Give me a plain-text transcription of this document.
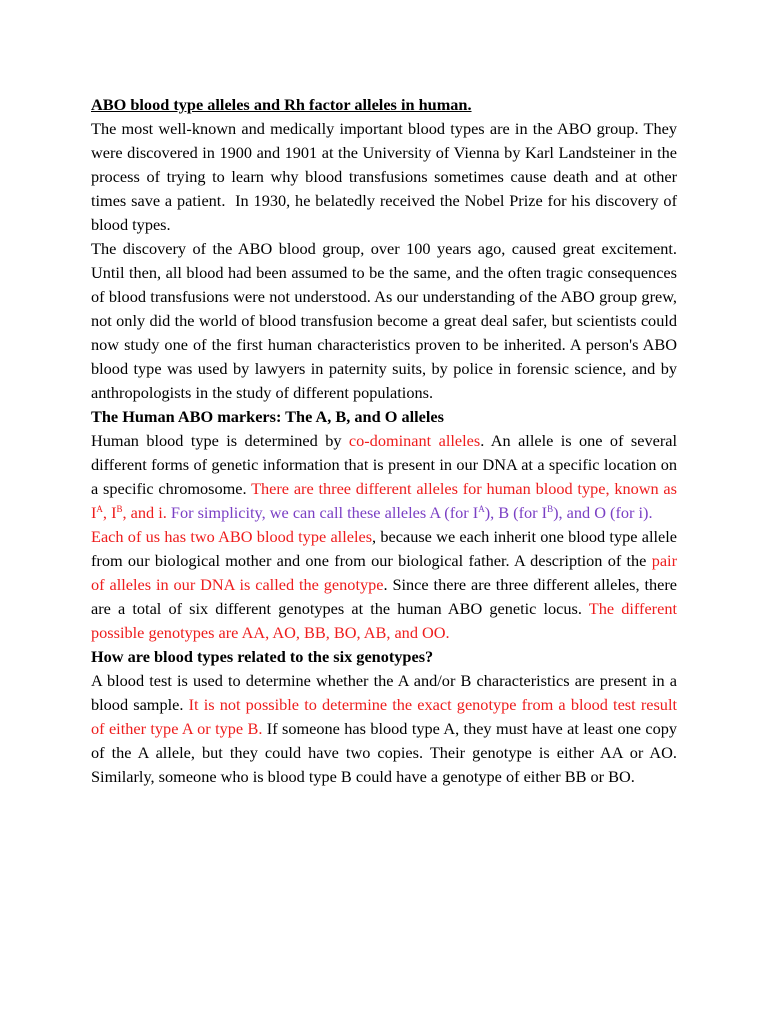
ABO blood type alleles and Rh factor alleles in human.

The most well-known and medically important blood types are in the ABO group. They were discovered in 1900 and 1901 at the University of Vienna by Karl Landsteiner in the process of trying to learn why blood transfusions sometimes cause death and at other times save a patient.  In 1930, he belatedly received the Nobel Prize for his discovery of blood types.

The discovery of the ABO blood group, over 100 years ago, caused great excitement. Until then, all blood had been assumed to be the same, and the often tragic consequences of blood transfusions were not understood. As our understanding of the ABO group grew, not only did the world of blood transfusion become a great deal safer, but scientists could now study one of the first human characteristics proven to be inherited. A person's ABO blood type was used by lawyers in paternity suits, by police in forensic science, and by anthropologists in the study of different populations.

The Human ABO markers: The A, B, and O alleles

Human blood type is determined by co-dominant alleles. An allele is one of several different forms of genetic information that is present in our DNA at a specific location on a specific chromosome. There are three different alleles for human blood type, known as $I^A$, $I^B$, and i. For simplicity, we can call these alleles A (for $I^A$), B (for $I^B$), and O (for i).

Each of us has two ABO blood type alleles, because we each inherit one blood type allele from our biological mother and one from our biological father. A description of the pair of alleles in our DNA is called the genotype. Since there are three different alleles, there are a total of six different genotypes at the human ABO genetic locus. The different possible genotypes are AA, AO, BB, BO, AB, and OO.

How are blood types related to the six genotypes?

A blood test is used to determine whether the A and/or B characteristics are present in a blood sample. It is not possible to determine the exact genotype from a blood test result of either type A or type B. If someone has blood type A, they must have at least one copy of the A allele, but they could have two copies. Their genotype is either AA or AO. Similarly, someone who is blood type B could have a genotype of either BB or BO.
